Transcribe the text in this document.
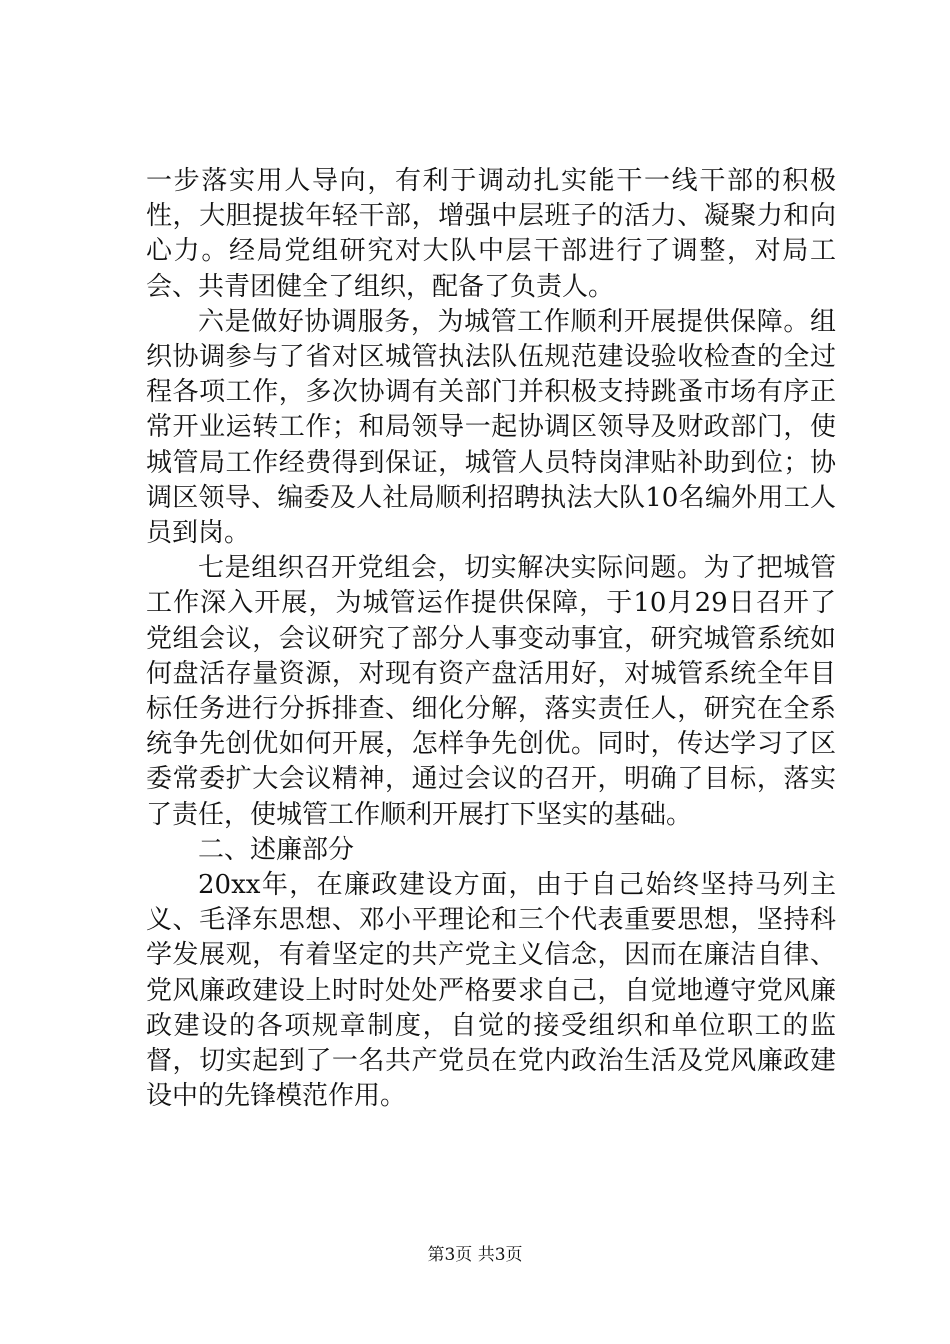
一步落实用人导向，有利于调动扎实能干一线干部的积极性，大胆提拔年轻干部，增强中层班子的活力、凝聚力和向心力。经局党组研究对大队中层干部进行了调整，对局工会、共青团健全了组织，配备了负责人。

六是做好协调服务，为城管工作顺利开展提供保障。组织协调参与了省对区城管执法队伍规范建设验收检查的全过程各项工作，多次协调有关部门并积极支持跳蚤市场有序正常开业运转工作；和局领导一起协调区领导及财政部门，使城管局工作经费得到保证，城管人员特岗津贴补助到位；协调区领导、编委及人社局顺利招聘执法大队10名编外用工人员到岗。

七是组织召开党组会，切实解决实际问题。为了把城管工作深入开展，为城管运作提供保障，于10月29日召开了党组会议，会议研究了部分人事变动事宜，研究城管系统如何盘活存量资源，对现有资产盘活用好，对城管系统全年目标任务进行分拆排查、细化分解，落实责任人，研究在全系统争先创优如何开展，怎样争先创优。同时，传达学习了区委常委扩大会议精神，通过会议的召开，明确了目标，落实了责任，使城管工作顺利开展打下坚实的基础。

二、述廉部分

20xx年，在廉政建设方面，由于自己始终坚持马列主义、毛泽东思想、邓小平理论和三个代表重要思想，坚持科学发展观，有着坚定的共产党主义信念，因而在廉洁自律、党风廉政建设上时时处处严格要求自己，自觉地遵守党风廉政建设的各项规章制度，自觉的接受组织和单位职工的监督，切实起到了一名共产党员在党内政治生活及党风廉政建设中的先锋模范作用。

第3页 共3页
